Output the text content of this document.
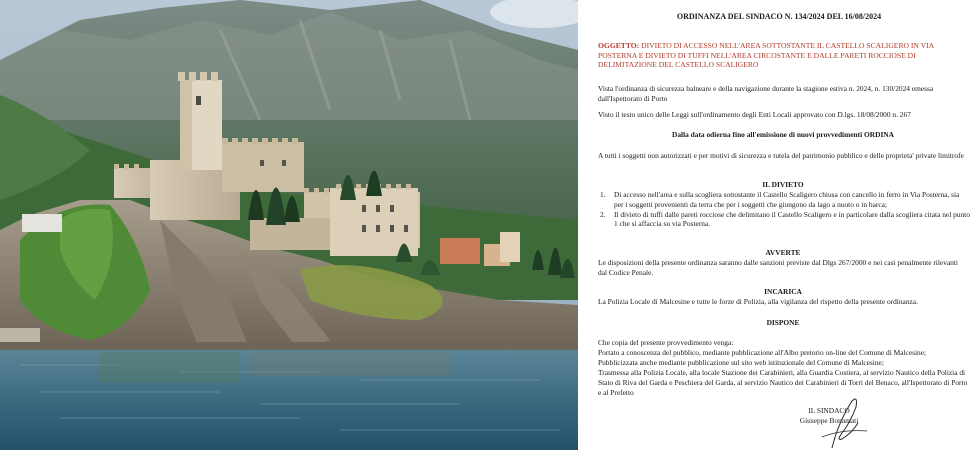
ORDINANZA DEL SINDACO N. 134/2024 DEL 16/08/2024
OGGETTO: DIVIETO DI ACCESSO NELL'AREA SOTTOSTANTE IL CASTELLO SCALIGERO IN VIA POSTERNA E DIVIETO DI TUFFI NELL'AREA CIRCOSTANTE E DALLE PARETI ROCCIOSE DI DELIMITAZIONE DEL CASTELLO SCALIGERO

Vista l'ordinanza di sicurezza balneare e della navigazione durante la stagione estiva n. 2024, n. 130/2024 emessa dall'Ispettorato di Porto

Visto il testo unico delle Leggi sull'ordinamento degli Enti Locali approvato con D.lgs. 18/08/2000 n. 267

Dalla data odierna fino all'emissione di nuovi provvedimenti ORDINA

A tutti i soggetti non autorizzati e per motivi di sicurezza e tutela del patrimonio pubblico e delle proprieta' private limitrofe

IL DIVIETO

1. Di accesso nell'area e sulla scogliera sottostante il Castello Scaligero chiusa con cancello in ferro in Via Posterna, sia per i soggetti provenienti da terra che per i soggetti che giungono da lago a nuoto o in barca;
2. Il divieto di tuffi dalle pareti rocciose che delimitano il Castello Scaligero e in particolare dalla scogliera citata nel punto 1 che si affaccia su via Posterna.

AVVERTE

Le disposizioni della presente ordinanza saranno dalle sanzioni previste dal Dlgs 267/2000 e nei casi penalmente rilevanti dal Codice Penale.

INCARICA

La Polizia Locale di Malcesine e tutte le forze di Polizia, alla vigilanza del rispetto della presente ordinanza.

DISPONE

Che copia del presente provvedimento venga:

Portato a conoscenza del pubblico, mediante pubblicazione all'Albo pretorio on-line del Comune di Malcesine;

Pubblicizzata anche mediante pubblicazione sul sito web istituzionale del Comune di Malcesine;

Trasmessa alla Polizia Locale, alla locale Stazione dei Carabinieri, alla Guardia Costiera, al servizio Nautico della Polizia di Stato di Riva del Garda e Peschiera del Garda, al servizio Nautico dei Carabinieri di Torri del Benaco, all'Ispettorato di Porto e al Prefetto

IL SINDACO
Giuseppe Bonamati
